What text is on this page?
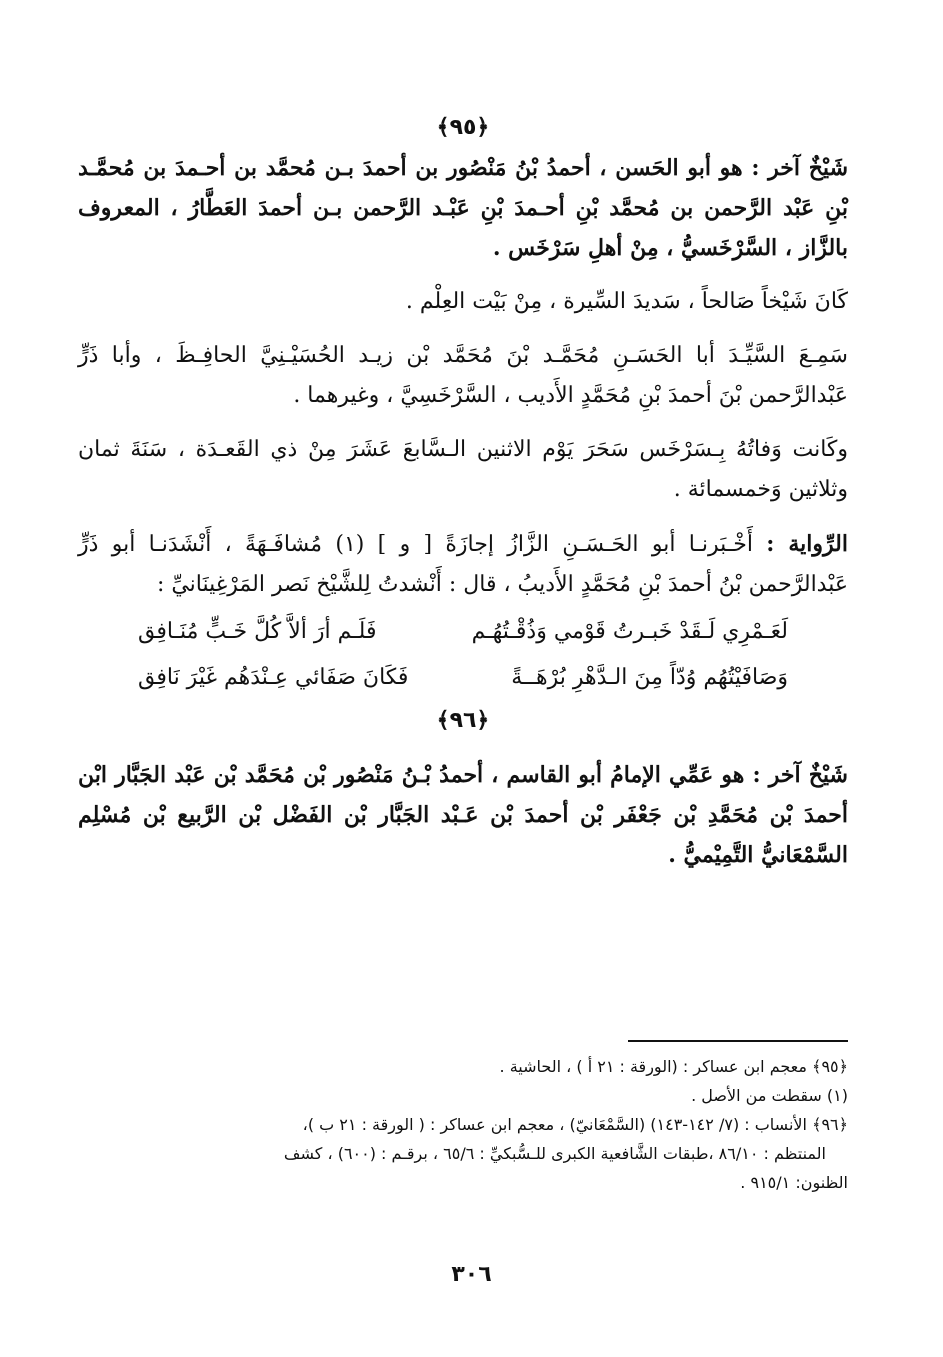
﴿٩٥﴾

شَيْخٌ آخر : هو أبو الحَسن ، أحمدُ بْنُ مَنْصُور بن أحمدَ بـن مُحمَّد بن أحـمدَ بن مُحمَّـد بْنِ عَبْد الرَّحمن بن مُحمَّد بْنِ أحـمدَ بْنِ عَبْـد الرَّحمن بـن أحمدَ العَطَّارُ ، المعروف بالزَّاز ، السَّرْخَسيُّ ، مِنْ أهلِ سَرْخَس .

كَانَ شَيْخاً صَالحاً ، سَديدَ السِّيرة ، مِنْ بَيْت العِلْم .

سَمِـعَ السَّيِّـدَ أبا الحَسَـنِ مُحَمَّـد بْنَ مُحَمَّد بْن زيـد الحُسَيْـنِيَّ الحافِـظَ ، وأبا ذَرٍّ عَبْدالرَّحمن بْنَ أحمدَ بْنِ مُحَمَّدٍ الأَديب ، السَّرْخَسِيَّ ، وغيرهما .

وكَانت وَفاتُهُ بِـسَرْخَس سَحَرَ يَوْم الاثنين الـسَّابعَ عَشَرَ مِنْ ذي القَعـدَة ، سَنَةَ ثمان وثلاثين وَخمسمائة .

الرِّواية : أَخْـبَرنـا أبو الحَـسَـنِ الزَّازُ إجازَةً [ و ] (١) مُشافَـهَةً ، أَنْشَدَنـا أبو ذَرٍّ عَبْدالرَّحمن بْنُ أحمدَ بْنِ مُحَمَّدٍ الأَديبُ ، قال : أَنْشدتُ لِلشَّيْخ نَصر المَرْغِينَانيِّ :

لَعَـمْرِي لَـقَدْ خَبـرتُ قَوْمي وَذُقْـتُهُـم
فَلَـم أرَ ألاَّ كُلَّ خَـبٍّ مُنَـافِق
وَصَافَيْتُهُم وُدّاً مِنَ الـدَّهْرِ بُرْهَــةً
فَكَانَ صَفَائي عِـنْدَهُم غَيْرَ نَافِق
﴿٩٦﴾

شَيْخٌ آخر : هو عَمِّي الإمامُ أبو القاسم ، أحمدُ بْـنُ مَنْصُور بْن مُحَمَّد بْن عَبْد الجَبَّار ابْن أحمدَ بْن مُحَمَّدِ بْن جَعْفَر بْن أحمدَ بْن عَـبْد الجَبَّار بْن الفَضْل بْن الرَّبيع بْن مُسْلِم السَّمْعَانيُّ التَّمِيْميُّ .

﴿٩٥﴾ معجم ابن عساكر : (الورقة : ٢١ أ ) ، الحاشية .

(١) سقطت من الأصل .

﴿٩٦﴾ الأنساب : (٧/ ١٤٢-١٤٣) (السَّمْعَانيّ) ، معجم ابن عساكر : ( الورقة : ٢١ ب )،

المنتظم : ٨٦/١٠ ،طبقات الشَّافعية الكبرى للـسُّبكيِّ : ٦٥/٦ ، برقـم : (٦٠٠) ، كشف

الظنون: ٩١٥/١ .

٣٠٦
